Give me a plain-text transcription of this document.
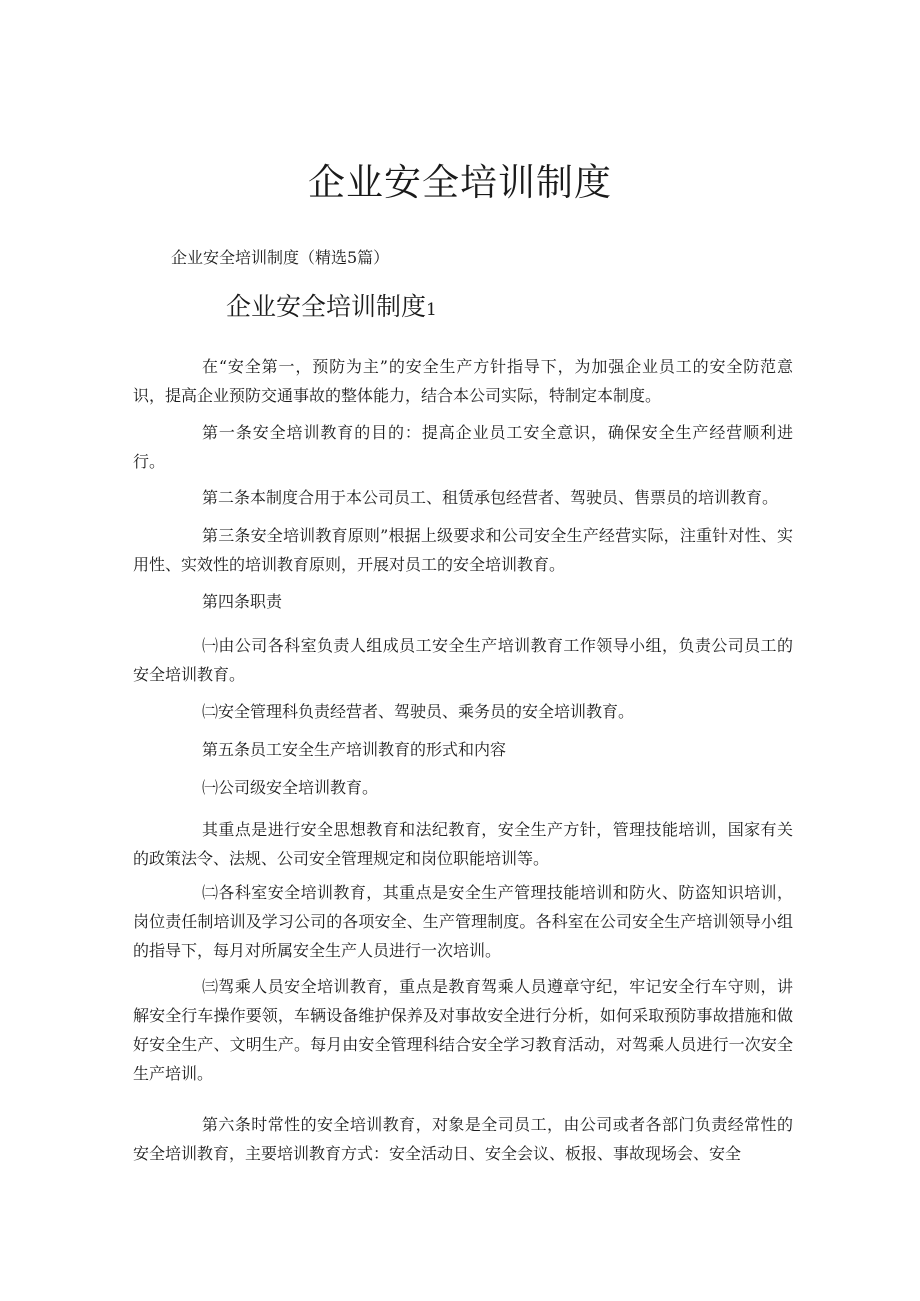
企业安全培训制度
企业安全培训制度（精选5篇）
企业安全培训制度1
在“安全第一，预防为主”的安全生产方针指导下，为加强企业员工的安全防范意识，提高企业预防交通事故的整体能力，结合本公司实际，特制定本制度。
第一条安全培训教育的目的：提高企业员工安全意识，确保安全生产经营顺利进行。
第二条本制度合用于本公司员工、租赁承包经营者、驾驶员、售票员的培训教育。
第三条安全培训教育原则”根据上级要求和公司安全生产经营实际，注重针对性、实用性、实效性的培训教育原则，开展对员工的安全培训教育。
第四条职责
㈠由公司各科室负责人组成员工安全生产培训教育工作领导小组，负责公司员工的安全培训教育。
㈡安全管理科负责经营者、驾驶员、乘务员的安全培训教育。
第五条员工安全生产培训教育的形式和内容
㈠公司级安全培训教育。
其重点是进行安全思想教育和法纪教育，安全生产方针，管理技能培训，国家有关的政策法令、法规、公司安全管理规定和岗位职能培训等。
㈡各科室安全培训教育，其重点是安全生产管理技能培训和防火、防盗知识培训，岗位责任制培训及学习公司的各项安全、生产管理制度。各科室在公司安全生产培训领导小组的指导下，每月对所属安全生产人员进行一次培训。
㈢驾乘人员安全培训教育，重点是教育驾乘人员遵章守纪，牢记安全行车守则，讲解安全行车操作要领，车辆设备维护保养及对事故安全进行分析，如何采取预防事故措施和做好安全生产、文明生产。每月由安全管理科结合安全学习教育活动，对驾乘人员进行一次安全生产培训。
第六条时常性的安全培训教育，对象是全司员工，由公司或者各部门负责经常性的安全培训教育，主要培训教育方式：安全活动日、安全会议、板报、事故现场会、安全
